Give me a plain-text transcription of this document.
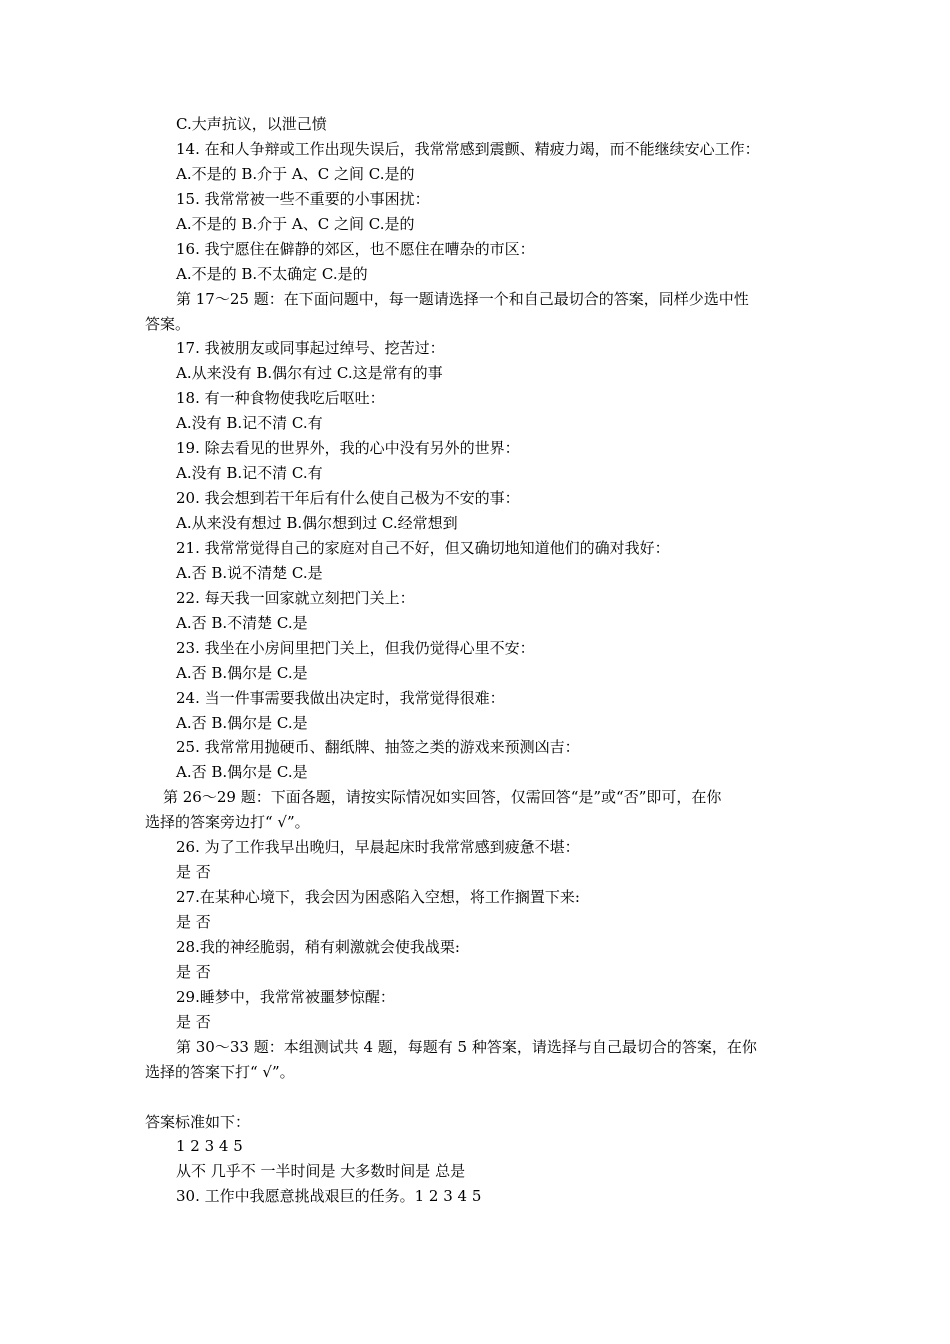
C.大声抗议，以泄己愤
14. 在和人争辩或工作出现失误后，我常常感到震颤、精疲力竭，而不能继续安心工作：
A.不是的 B.介于 A、C 之间 C.是的
15. 我常常被一些不重要的小事困扰：
A.不是的 B.介于 A、C 之间 C.是的
16. 我宁愿住在僻静的郊区，也不愿住在嘈杂的市区：
A.不是的 B.不太确定 C.是的
第 17～25 题：在下面问题中，每一题请选择一个和自己最切合的答案，同样少选中性
答案。
17. 我被朋友或同事起过绰号、挖苦过：
A.从来没有 B.偶尔有过 C.这是常有的事
18. 有一种食物使我吃后呕吐：
A.没有 B.记不清 C.有
19. 除去看见的世界外，我的心中没有另外的世界：
A.没有 B.记不清 C.有
20. 我会想到若干年后有什么使自己极为不安的事：
A.从来没有想过 B.偶尔想到过 C.经常想到
21. 我常常觉得自己的家庭对自己不好，但又确切地知道他们的确对我好：
A.否 B.说不清楚 C.是
22. 每天我一回家就立刻把门关上：
A.否 B.不清楚 C.是
23. 我坐在小房间里把门关上，但我仍觉得心里不安：
A.否 B.偶尔是 C.是
24. 当一件事需要我做出决定时，我常觉得很难：
A.否 B.偶尔是 C.是
25. 我常常用抛硬币、翻纸牌、抽签之类的游戏来预测凶吉：
A.否 B.偶尔是 C.是
第 26～29 题：下面各题，请按实际情况如实回答，仅需回答“是”或“否”即可，在你
选择的答案旁边打“ √”。
26. 为了工作我早出晚归，早晨起床时我常常感到疲惫不堪：
是 否
27.在某种心境下，我会因为困惑陷入空想，将工作搁置下来:
是 否
28.我的神经脆弱，稍有刺激就会使我战栗:
是 否
29.睡梦中，我常常被噩梦惊醒：
是 否
第 30～33 题：本组测试共 4 题，每题有 5 种答案，请选择与自己最切合的答案，在你
选择的答案下打“ √”。
答案标准如下：
1 2 3 4 5
从不 几乎不 一半时间是 大多数时间是 总是
30. 工作中我愿意挑战艰巨的任务。1 2 3 4 5
